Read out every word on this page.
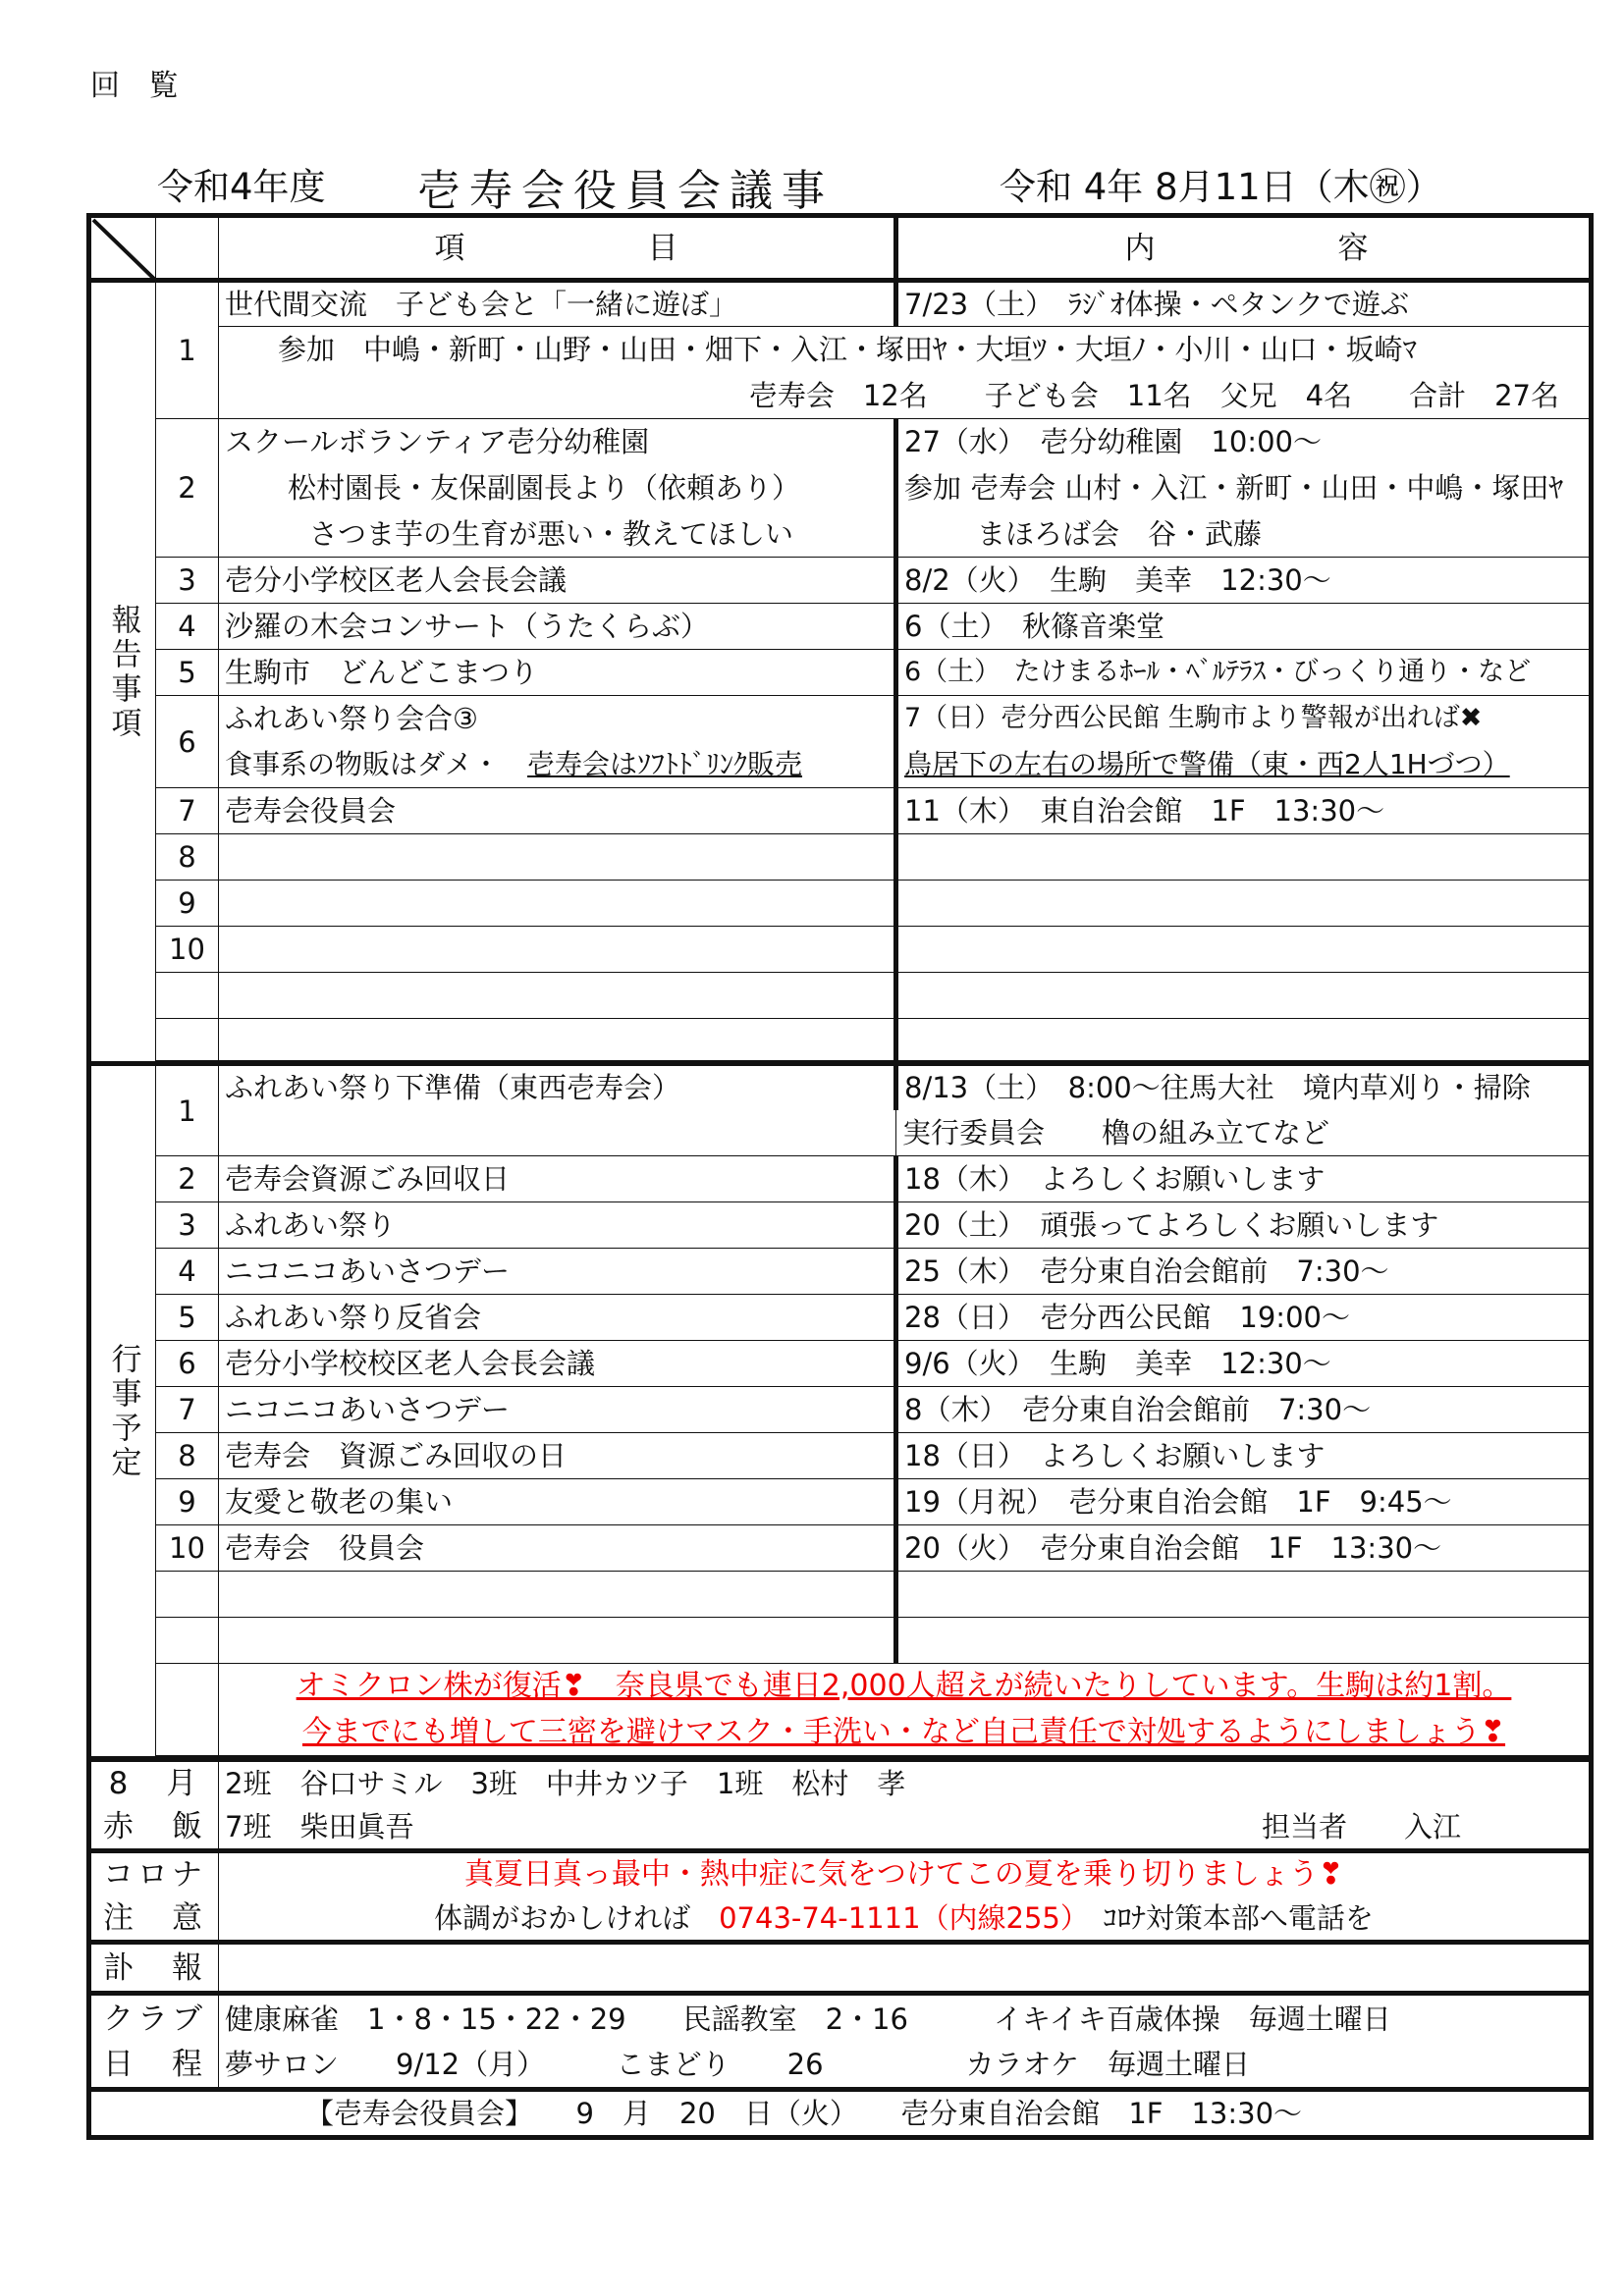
回 覧
令和4年度 壱寿会役員会議事	令和 4年 8月11日（木㊗）
		項　　　　　　目	内　　　　　　容

報告事項	1	世代間交流　子ども会と「一緒に遊ぼ」	7/23（土）　ﾗｼﾞｵ体操・ペタンクで遊ぶ
		参加　中嶋・新町・山野・山田・畑下・入江・塚田ﾔ・大垣ﾂ・大垣ﾉ・小川・山口・坂崎ﾏ	
		壱寿会　12名　　子ども会　11名　父兄　4名　　合計　27名	
	2	スクールボランティア壱分幼稚園	27（水）　壱分幼稚園　10:00～
		松村園長・友保副園長より（依頼あり）	参加 壱寿会 山村・入江・新町・山田・中嶋・塚田ﾔ
		さつま芋の生育が悪い・教えてほしい	まほろば会　谷・武藤
	3	壱分小学校区老人会長会議	8/2（火）　生駒　美幸　12:30～
	4	沙羅の木会コンサート（うたくらぶ）	6（土）　秋篠音楽堂
	5	生駒市　どんどこまつり	6（土）　たけまるﾎｰﾙ・ﾍﾞﾙﾃﾗｽ・びっくり通り・など
	6	ふれあい祭り会合③	7（日）壱分西公民館 生駒市より警報が出れば✖
		食事系の物販はダメ・　壱寿会はｿﾌﾄﾄﾞﾘﾝｸ販売	鳥居下の左右の場所で警備（東・西2人1Hづつ）
	7	壱寿会役員会	11（木）　東自治会館　1F　13:30～
	8		
	9		
	10		

行事予定	1	ふれあい祭り下準備（東西壱寿会）	8/13（土）　8:00～往馬大社　境内草刈り・掃除
			実行委員会　　櫓の組み立てなど
	2	壱寿会資源ごみ回収日	18（木）　よろしくお願いします
	3	ふれあい祭り	20（土）　頑張ってよろしくお願いします
	4	ニコニコあいさつデー	25（木）　壱分東自治会館前　7:30～
	5	ふれあい祭り反省会	28（日）　壱分西公民館　19:00～
	6	壱分小学校校区老人会長会議	9/6（火）　生駒　美幸　12:30～
	7	ニコニコあいさつデー	8（木）　壱分東自治会館前　7:30～
	8	壱寿会　資源ごみ回収の日	18（日）　よろしくお願いします
	9	友愛と敬老の集い	19（月祝）　壱分東自治会館　1F　9:45～
	10	壱寿会　役員会	20（火）　壱分東自治会館　1F　13:30～

		オミクロン株が復活❣　奈良県でも連日2,000人超えが続いたりしています。生駒は約1割。	
		今までにも増して三密を避けマスク・手洗い・など自己責任で対処するようにしましょう❣	

8　月	2班　谷口サミル　3班　中井カツ子　1班　松村　孝
赤　飯	7班　柴田眞吾 担当者　　入江

コロナ	真夏日真っ最中・熱中症に気をつけてこの夏を乗り切りましょう❣
注　意	体調がおかしければ　0743-74-1111（内線255）　ｺﾛﾅ対策本部へ電話を
訃　報	
クラブ	健康麻雀　1・8・15・22・29　　民謡教室　2・16　　　イキイキ百歳体操　毎週土曜日
日　程	夢サロン　　9/12（月）　　　こまどり　　26　　　　　カラオケ　毎週土曜日
【壱寿会役員会】　　9　月　20　日（火）　　壱分東自治会館　1F　13:30～	
